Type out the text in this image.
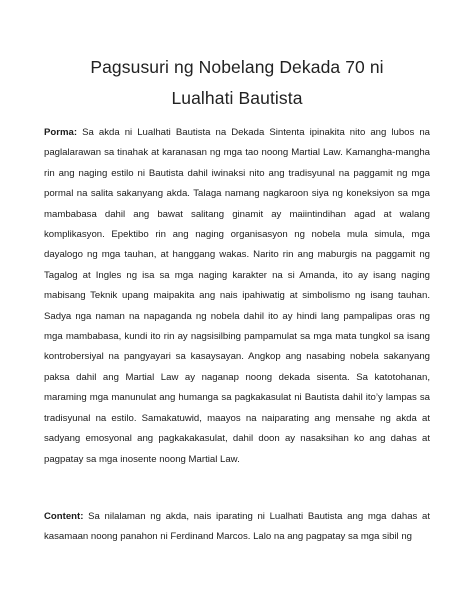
Pagsusuri ng Nobelang Dekada 70 ni
Lualhati Bautista

Porma: Sa akda ni Lualhati Bautista na Dekada Sintenta ipinakita nito ang lubos na paglalarawan sa tinahak at karanasan ng mga tao noong Martial Law. Kamangha-mangha rin ang naging estilo ni Bautista dahil iwinaksi nito ang tradisyunal na paggamit ng mga pormal na salita sakanyang akda. Talaga namang nagkaroon siya ng koneksiyon sa mga mambabasa dahil ang bawat salitang ginamit ay maiintindihan agad at walang komplikasyon. Epektibo rin ang naging organisasyon ng nobela mula simula, mga dayalogo ng mga tauhan, at hanggang wakas. Narito rin ang maburgis na paggamit ng Tagalog at Ingles ng isa sa mga naging karakter na si Amanda, ito ay isang naging mabisang Teknik upang maipakita ang nais ipahiwatig at simbolismo ng isang tauhan. Sadya nga naman na napaganda ng nobela dahil ito ay hindi lang pampalipas oras ng mga mambabasa, kundi ito rin ay nagsisilbing pampamulat sa mga mata tungkol sa isang kontrobersiyal na pangyayari sa kasaysayan. Angkop ang nasabing nobela sakanyang paksa dahil ang Martial Law ay naganap noong dekada sisenta. Sa katotohanan, maraming mga manunulat ang humanga sa pagkakasulat ni Bautista dahil ito’y lampas sa tradisyunal na estilo. Samakatuwid, maayos na naiparating ang mensahe ng akda at sadyang emosyonal ang pagkakakasulat, dahil doon ay nasaksihan ko ang dahas at pagpatay sa mga inosente noong Martial Law.

Content: Sa nilalaman ng akda, nais iparating ni Lualhati Bautista ang mga dahas at kasamaan noong panahon ni Ferdinand Marcos. Lalo na ang pagpatay sa mga sibil ng
